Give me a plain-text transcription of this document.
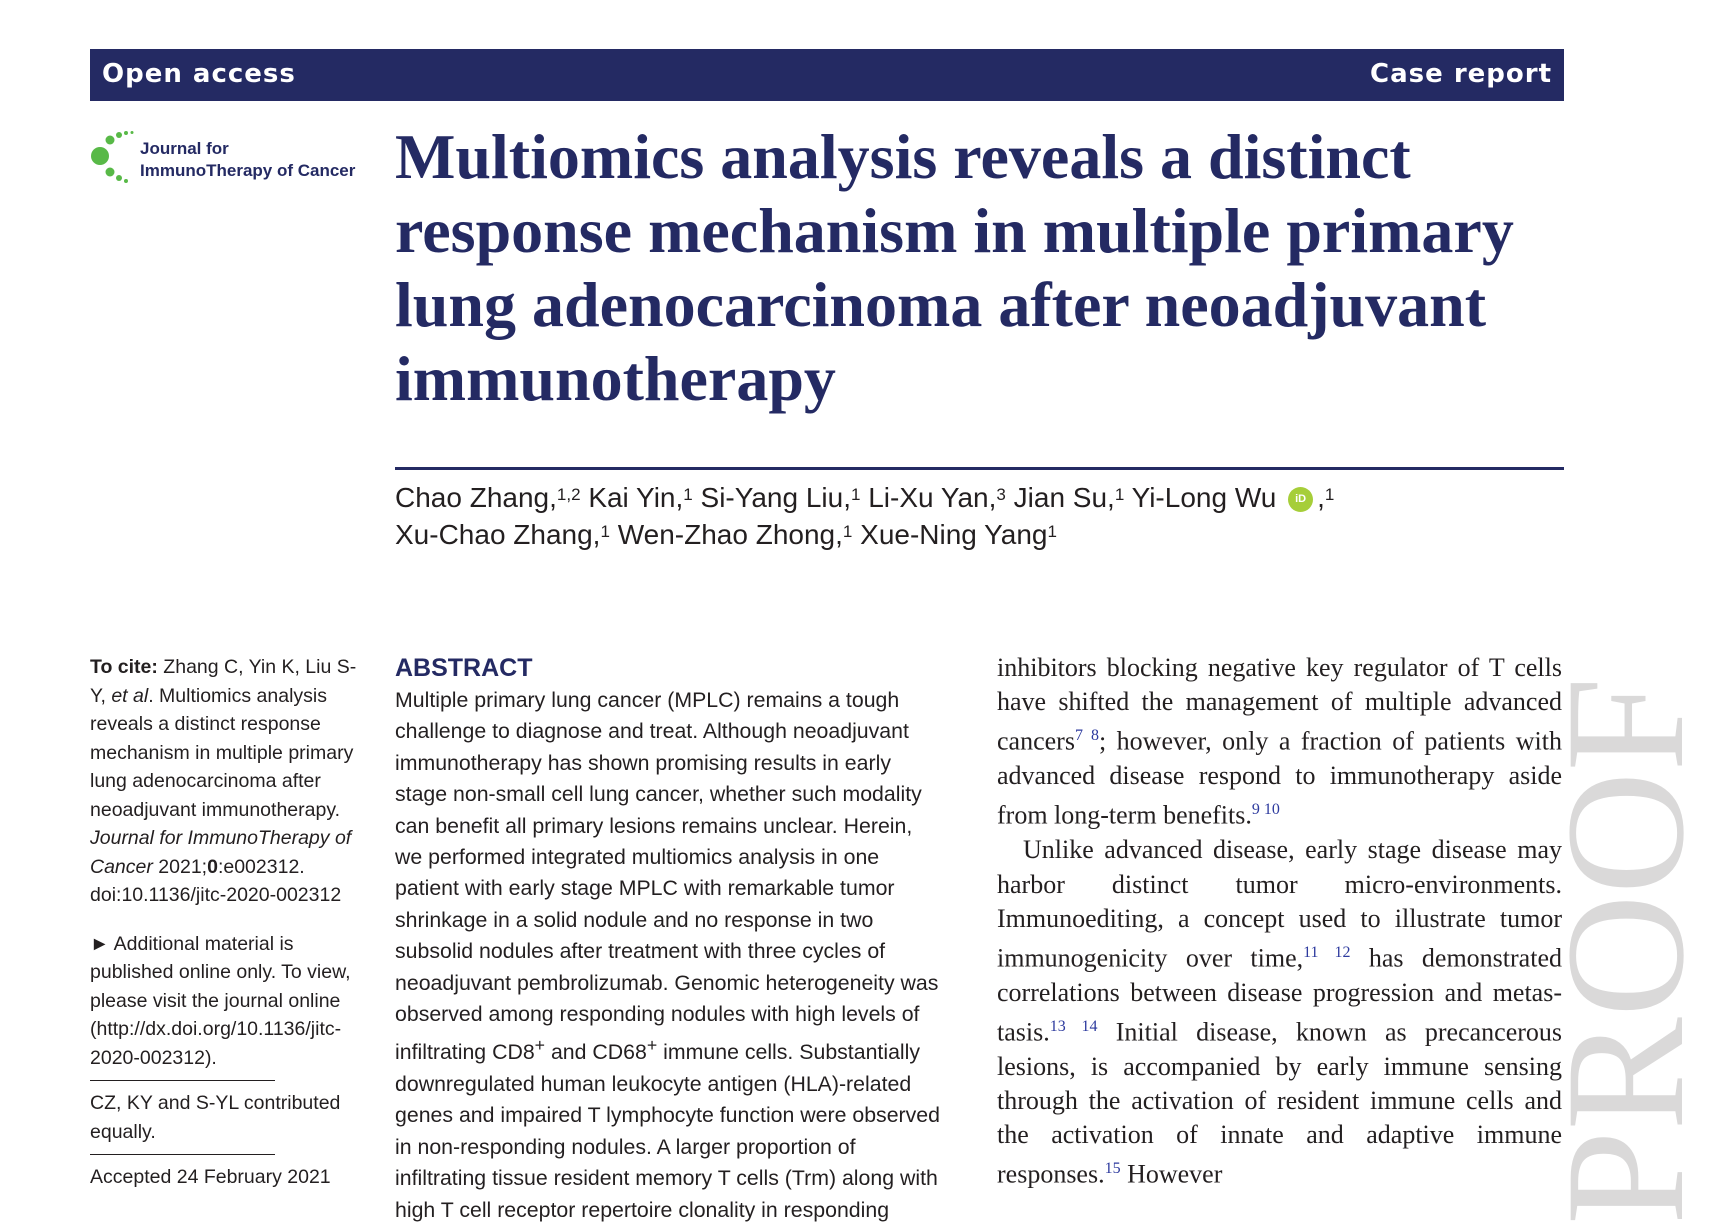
Open access	Case report
Journal for
ImmunoTherapy of Cancer Multiomics analysis reveals a distinct response mechanism in multiple primary lung adenocarcinoma after neoadjuvant immunotherapy
Chao Zhang,$^{1,2}$ Kai Yin,$^1$ Si-Yang Liu,$^1$ Li-Xu Yan,$^3$ Jian Su,$^1$ Yi-Long Wu iD ,$^1$
Xu-Chao Zhang,$^1$ Wen-Zhao Zhong,$^1$ Xue-Ning Yang$^1$
PROOF

To cite: Zhang C, Yin K, Liu S-Y, et al. Multiomics analysis reveals a distinct response mechanism in multiple primary lung adenocarcinoma after neoadjuvant immunotherapy. Journal for ImmunoTherapy of Cancer 2021;0:e002312. doi:10.1136/jitc-2020-002312

► Additional material is published online only. To view, please visit the journal online (http://dx.doi.org/10.1136/jitc-2020-002312).

CZ, KY and S-YL contributed equally.

Accepted 24 February 2021

ABSTRACT

Multiple primary lung cancer (MPLC) remains a tough challenge to diagnose and treat. Although neoadjuvant immunotherapy has shown promising results in early stage non-small cell lung cancer, whether such modality can benefit all primary lesions remains unclear. Herein, we performed integrated multiomics analysis in one patient with early stage MPLC with remarkable tumor shrinkage in a solid nodule and no response in two subsolid nodules after treatment with three cycles of neoadjuvant pembrolizumab. Genomic heterogeneity was observed among responding nodules with high levels of infiltrating CD8+ and CD68+ immune cells. Substantially downregulated human leukocyte antigen (HLA)-related genes and impaired T lymphocyte function were observed in non-responding nodules. A larger proportion of infiltrating tissue resident memory T cells (Trm) along with high T cell receptor repertoire clonality in responding

inhibitors blocking negative key regulator of T cells have shifted the management of multiple advanced cancers$^{7 8}$; however, only a fraction of patients with advanced disease respond to immunotherapy aside from long-term benefits.$^{9 10}$

Unlike advanced disease, early stage disease may harbor distinct tumor micro-environments. Immunoediting, a concept used to illustrate tumor immunogenicity over time,$^{11 12}$ has demonstrated correlations between disease progression and metas-tasis.$^{13 14}$ Initial disease, known as precancerous lesions, is accompanied by early immune sensing through the activation of resident immune cells and the activation of innate and adaptive immune responses.$^{15}$ However
